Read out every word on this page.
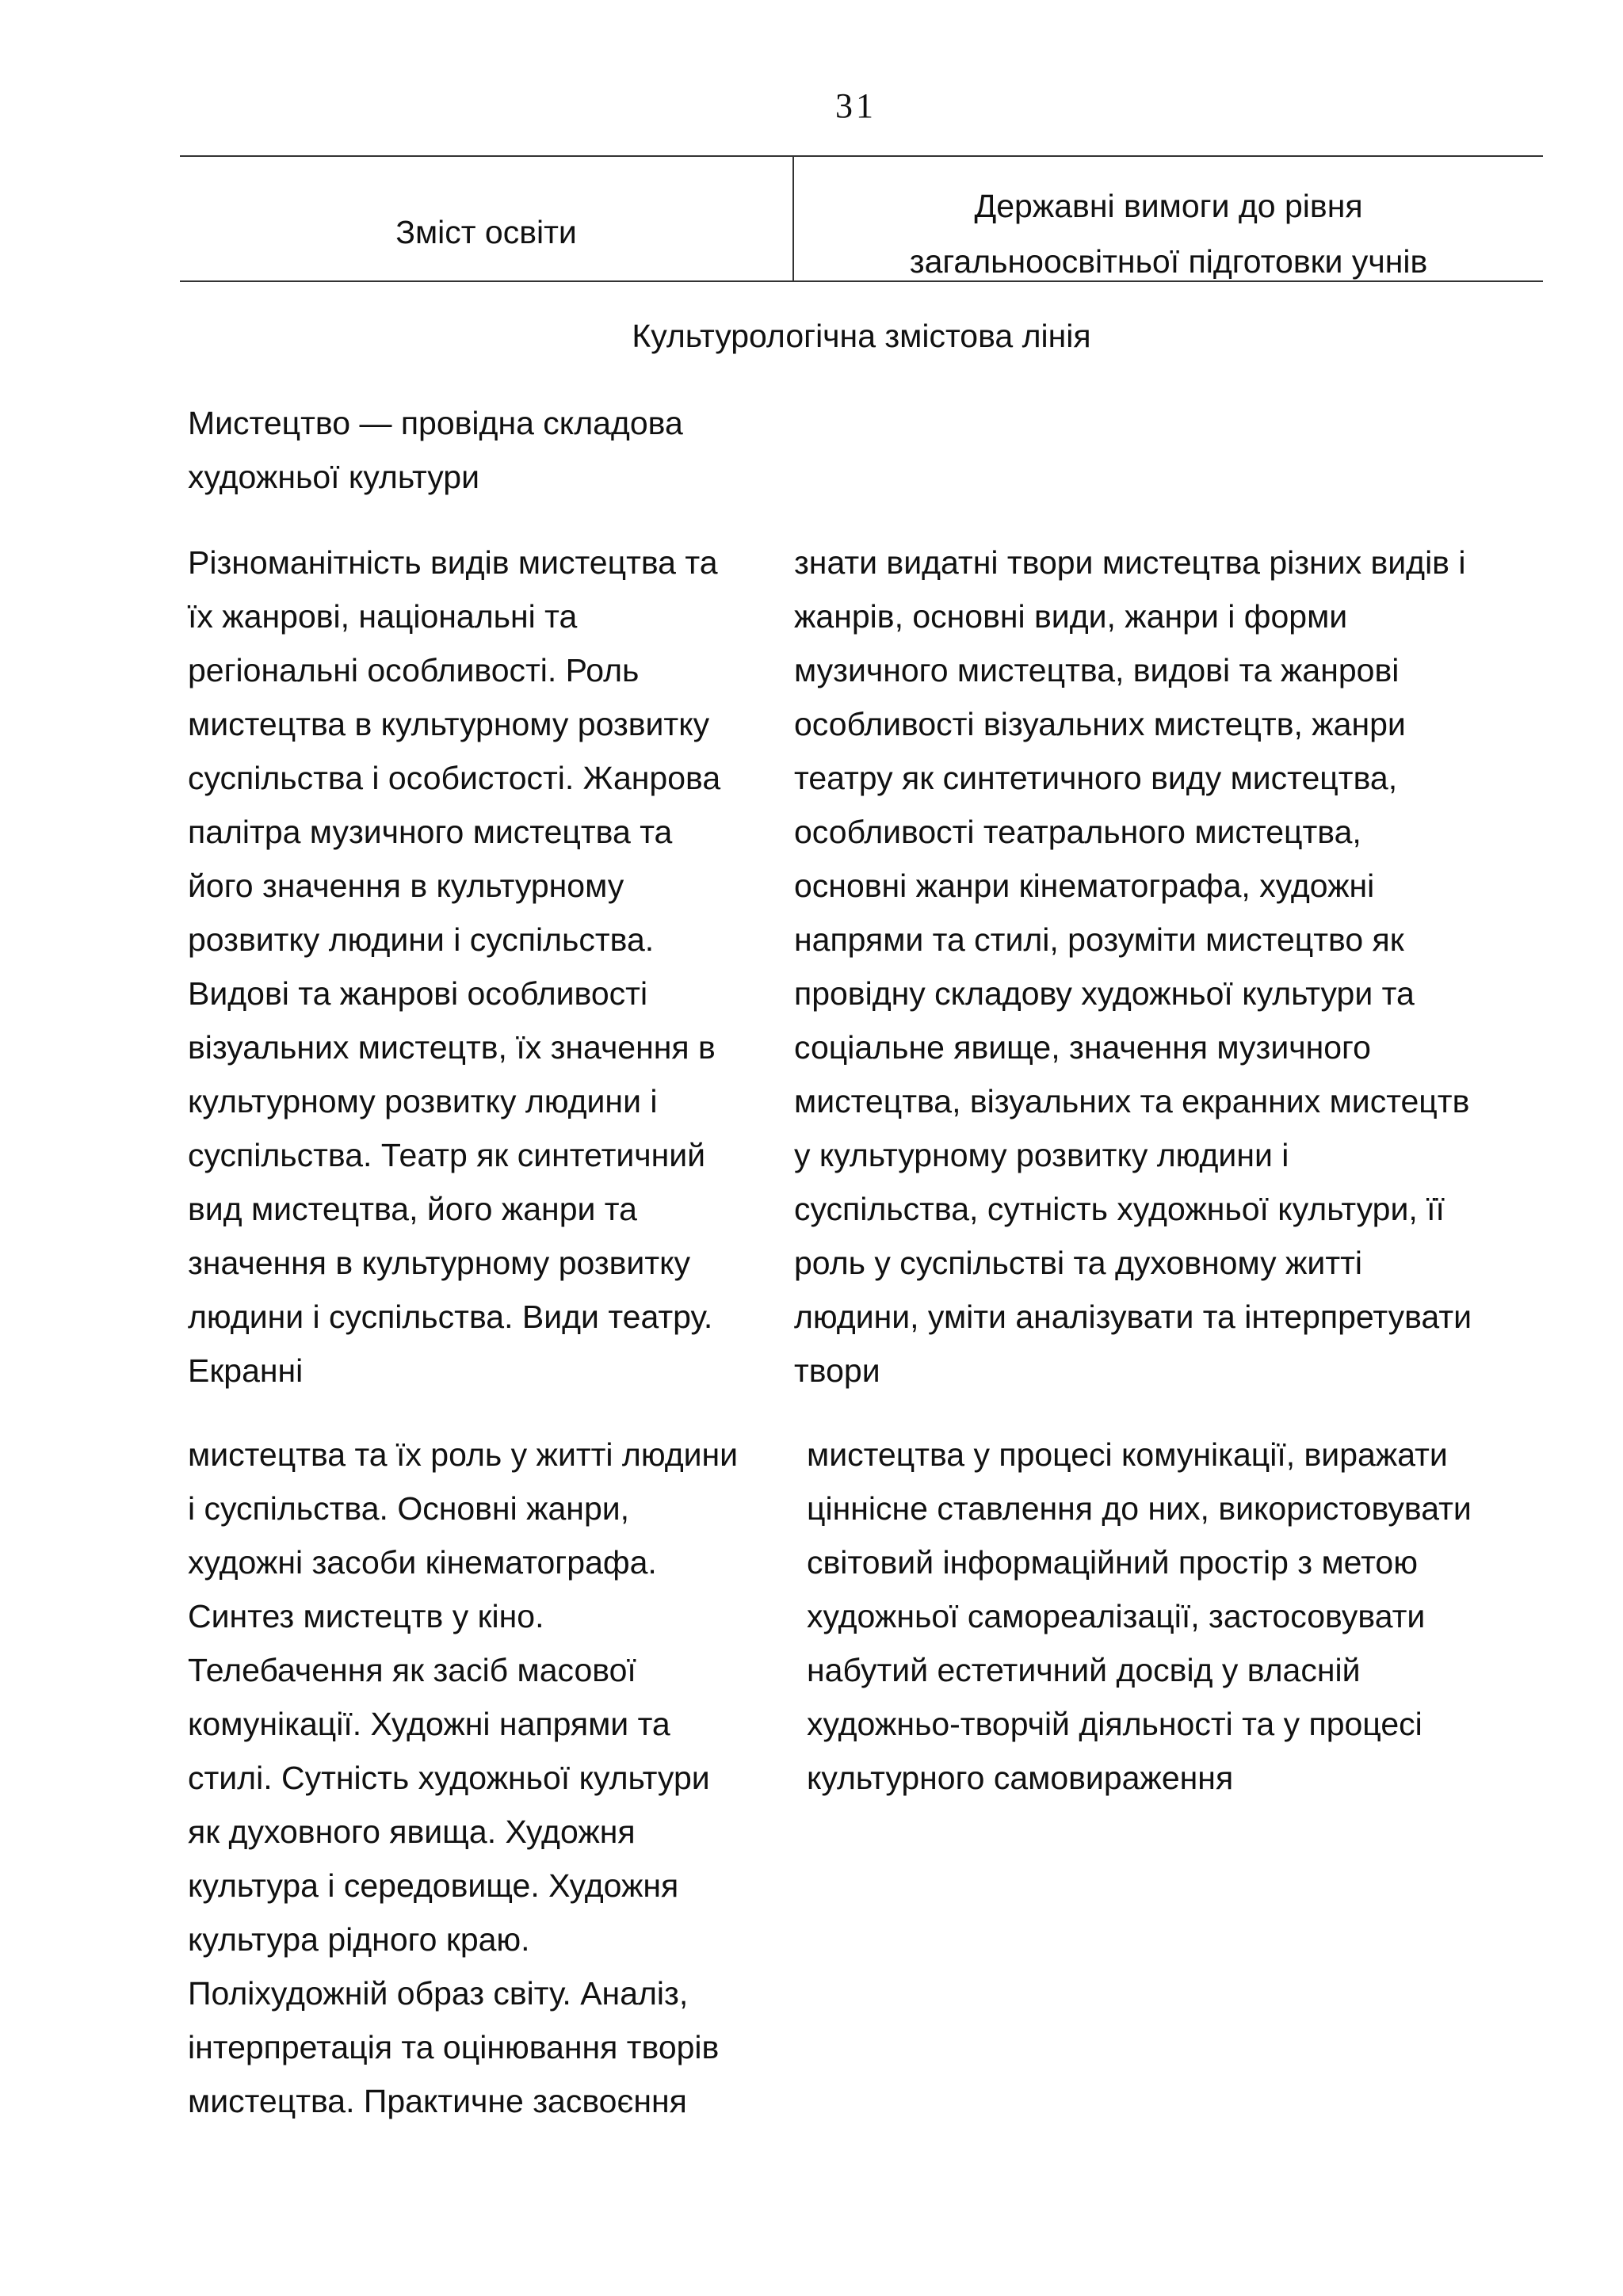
31
Зміст освіти
Державні вимоги до рівня
загальноосвітньої підготовки учнів
Культурологічна змістова лінія
Мистецтво — провідна складова
художньої культури
Різноманітність видів мистецтва та
їх жанрові, національні та
регіональні особливості. Роль
мистецтва в культурному розвитку
суспільства і особистості. Жанрова
палітра музичного мистецтва та
його значення в культурному
розвитку людини і суспільства.
Видові та жанрові особливості
візуальних мистецтв, їх значення в
культурному розвитку людини і
суспільства. Театр як синтетичний
вид мистецтва, його жанри та
значення в культурному розвитку
людини і суспільства. Види театру.
Екранні
знати видатні твори мистецтва різних видів і
жанрів, основні види, жанри і форми
музичного мистецтва, видові та жанрові
особливості візуальних мистецтв, жанри
театру як синтетичного виду мистецтва,
особливості театрального мистецтва,
основні жанри кінематографа, художні
напрями та стилі, розуміти мистецтво як
провідну складову художньої культури та
соціальне явище, значення музичного
мистецтва, візуальних та екранних мистецтв
у культурному розвитку людини і
суспільства, сутність художньої культури, її
роль у суспільстві та духовному житті
людини, уміти аналізувати та інтерпретувати
твори
мистецтва та їх роль у житті людини
і суспільства. Основні жанри,
художні засоби кінематографа.
Синтез мистецтв у кіно.
Телебачення як засіб масової
комунікації. Художні напрями та
стилі. Сутність художньої культури
як духовного явища. Художня
культура і середовище. Художня
культура рідного краю.
Поліхудожній образ світу. Аналіз,
інтерпретація та оцінювання творів
мистецтва. Практичне засвоєння
мистецтва у процесі комунікації, виражати
ціннісне ставлення до них, використовувати
світовий інформаційний простір з метою
художньої самореалізації, застосовувати
набутий естетичний досвід у власній
художньо-творчій діяльності та у процесі
культурного самовираження
